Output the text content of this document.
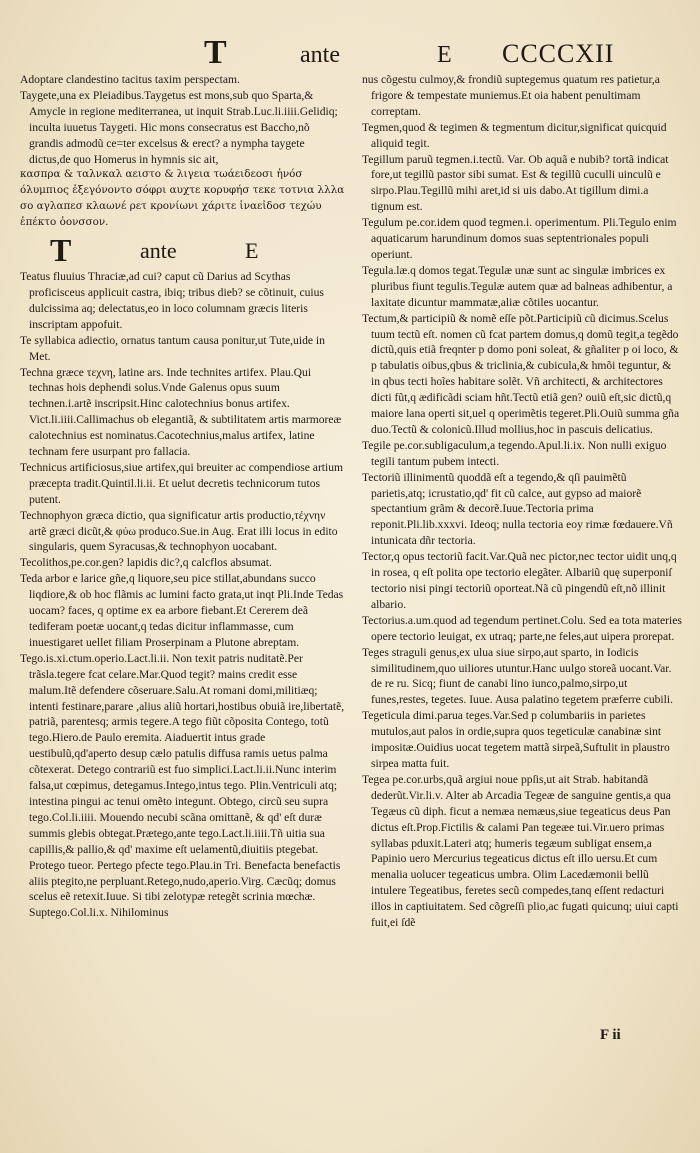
T	ante	E CCCCXII

Adoptare clandestino tacitus taxim perspectam.

Taygete,una ex Pleiadibus.Taygetus est mons,sub quo Sparta,& Amycle in regione mediterranea, ut inquit Strab.Luc.li.iiii.Gelidiq; inculta iuuetus Taygeti. Hic mons consecratus est Baccho,nõ grandis admodũ ce=ter excelsus & erect? a nympha taygete dictus,de quo Homerus in hymnis sic ait,

κασπρα & ταλνκαλ αειστο & λιγεια τωάειδεοσι ἡνόσ όλυμπιος ἐξεγόνοντο σόφρι αυχτε κορυφήσ τεκε τοτνια λλλα σο αγλαπεσ κλαωνέ ρετ κρονίωνι χάριτε ἱναεἰδοσ τεχώυ ἐπέκτο ὀονσσον.

T	ante	E

Teatus fluuius Thraciæ,ad cui? caput cũ Darius ad Scythas proficisceus applicuit castra, ibiq; tribus dieb? se cõtinuit, cuius dulcissima aq; delectatus,eo in loco columnam græcis literis inscriptam appofuit.

Te syllabica adiectio, ornatus tantum causa ponitur,ut Tute,uide in Met.

Techna græce τεχνη, latine ars. Inde technites artifex. Plau.Qui technas hois dephendi solus.Vnde Galenus opus suum technen.i.artẽ inscripsit.Hinc calotechnius bonus artifex. Vict.li.iiii.Callimachus ob elegantiã, & subtilitatem artis marmoreæ calotechnius est nominatus.Cacotechnius,malus artifex, latine technam fere usurpant pro fallacia.

Technicus artificiosus,siue artifex,qui breuiter ac compendiose artium præcepta tradit.Quintil.li.ii. Et uelut decretis technicorum tutos putent.

Technophyon græca dictio, qua significatur artis productio,τέχνην artẽ græci dicũt,& φύω produco.Sue.in Aug. Erat illi locus in edito singularis, quem Syracusas,& technophyon uocabant.

Tecolithos,pe.cor.gen? lapidis dic?,q calcflos absumat.

Teda arbor e larice gñe,q liquore,seu pice stillat,abundans succo liqdiore,& ob hoc flãmis ac lumini facto grata,ut inqt Pli.Inde Tedas uocam? faces, q optime ex ea arbore fiebant.Et Cererem deã tediferam poetæ uocant,q tedas dicitur inflammasse, cum inuestigaret uellet filiam Proserpinam a Plutone abreptam.

Tego.is.xi.ctum.operio.Lact.li.ii. Non texit patris nuditatẽ.Per trãsla.tegere fcat celare.Mar.Quod tegit? mains credit esse malum.Itẽ defendere cõseruare.Salu.At romani domi,militiæq; intenti festinare,parare ,alius aliũ hortari,hostibus obuiã ire,libertatẽ, patriã, parentesq; armis tegere.A tego fiũt cõposita Contego, totũ tego.Hiero.de Paulo eremita. Aiaduertit intus grade uestibulũ,qd'aperto desup cælo patulis diffusa ramis uetus palma cõtexerat. Detego contrariũ est fuo simplici.Lact.li.ii.Nunc interim falsa,ut cœpimus, detegamus.Intego,intus tego. Plin.Ventriculi atq; intestina pingui ac tenui omẽto integunt. Obtego, circũ seu supra tego.Col.li.iiii. Mouendo necubi scãna omittanẽ, & qd' eſt duræ summis glebis obtegat.Prætego,ante tego.Lact.li.iiii.Tñ uitia sua capillis,& pallio,& qd' maxime eſt uelamentũ,diuitiis ptegebat. Protego tueor. Pertego pfecte tego.Plau.in Tri. Benefacta benefactis aliis ptegito,ne perpluant.Retego,nudo,aperio.Virg. Cæcũq; domus scelus eẽ retexit.Iuue. Si tibi zelotypæ retegẽt scrinia mœchæ. Suptego.Col.li.x. Nihilominus

nus cõgestu culmoy,& frondiũ suptegemus quatum res patietur,a frigore & tempestate muniemus.Et oia habent penultimam correptam.

Tegmen,quod & tegimen & tegmentum dicitur,significat quicquid aliquid tegit.

Tegillum paruũ tegmen.i.tectũ. Var. Ob aquã e nubib? tortã indicat fore,ut tegillũ pastor sibi sumat. Est & tegillũ cuculli uinculũ e sirpo.Plau.Tegillũ mihi aret,id si uis dabo.At tigillum dimi.a tignum est.

Tegulum pe.cor.idem quod tegmen.i. operimentum. Pli.Tegulo enim aquaticarum harundinum domos suas septentrionales populi operiunt.

Tegula.læ.q domos tegat.Tegulæ unæ sunt ac singulæ imbrices ex pluribus fiunt tegulis.Tegulæ autem quæ ad balneas adhibentur, a laxitate dicuntur mammatæ,aliæ cõtiles uocantur.

Tectum,& participiũ & nomẽ eſſe põt.Participiũ cũ dicimus.Scelus tuum tectũ eſt. nomen cũ fcat partem domus,q domũ tegit,a tegẽdo dictũ,quis etiã freqnter p domo poni soleat, & gñaliter p oi loco, & p tabulatis oibus,qbus & triclinia,& cubicula,& hmõi teguntur, & in qbus tecti hoĩes habitare solẽt. Vñ architecti, & architectores dicti fũt,q ædificãdi sciam hñt.Tectũ etiã gen? ouiũ eſt,sic dictũ,q maiore lana operti sit,uel q operimẽtis tegeret.Pli.Ouiũ summa gña duo.Tectũ & colonicũ.Illud mollius,hoc in pascuis delicatius.

Tegile pe.cor.subligaculum,a tegendo.Apul.li.ix. Non nulli exiguo tegili tantum pubem intecti.

Tectoriũ illinimentũ quoddã eſt a tegendo,& qſi pauimẽtũ parietis,atq; icrustatio,qd' fit cũ calce, aut gypso ad maiorẽ spectantium grãm & decorẽ.Iuue.Tectoria prima reponit.Pli.lib.xxxvi. Ideoq; nulla tectoria eoy rimæ fœdauere.Vñ intunicata dñr tectoria.

Tector,q opus tectoriũ facit.Var.Quã nec pictor,nec tector uidit unq,q in rosea, q eſt polita ope tectorio elegãter. Albariũ quę superponiſ tectorio nisi pingi tectoriũ oporteat.Nã cũ pingendũ eſt,nõ illinit albario.

Tectorius.a.um.quod ad tegendum pertinet.Colu. Sed ea tota materies opere tectorio leuigat, ex utraq; parte,ne feles,aut uipera prorepat.

Teges straguli genus,ex ulua siue sirpo,aut sparto, in Iodicis similitudinem,quo uiliores utuntur.Hanc uulgo storeã uocant.Var. de re ru. Sicq; fiunt de canabi lino iunco,palmo,sirpo,ut funes,restes, tegetes. Iuue. Ausa palatino tegetem præferre cubili.

Tegeticula dimi.parua teges.Var.Sed p columbariis in parietes mutulos,aut palos in ordie,supra quos tegeticulæ canabinæ sint impositæ.Ouidius uocat tegetem mattã sirpeã,Suftulit in plaustro sirpea matta fuit.

Tegea pe.cor.urbs,quã argiui noue ppſis,ut ait Strab. habitandã dederũt.Vir.li.v. Alter ab Arcadia Tegeæ de sanguine gentis,a qua Tegæus cũ diph. ficut a nemæa nemæus,siue tegeaticus deus Pan dictus eſt.Prop.Fictilis & calami Pan tegeæe tui.Vir.uero primas syllabas pduxit.Lateri atq; humeris tegæum subligat ensem,a Papinio uero Mercurius tegeaticus dictus eſt illo uersu.Et cum menalia uolucer tegeaticus umbra. Olim Lacedæmonii bellũ intulere Tegeatibus, feretes secũ compedes,tanq eſſent redacturi illos in captiuitatem. Sed cõgreſſi plio,ac fugati quicunq; uiui capti fuit,ei ſdẽ

F ii
